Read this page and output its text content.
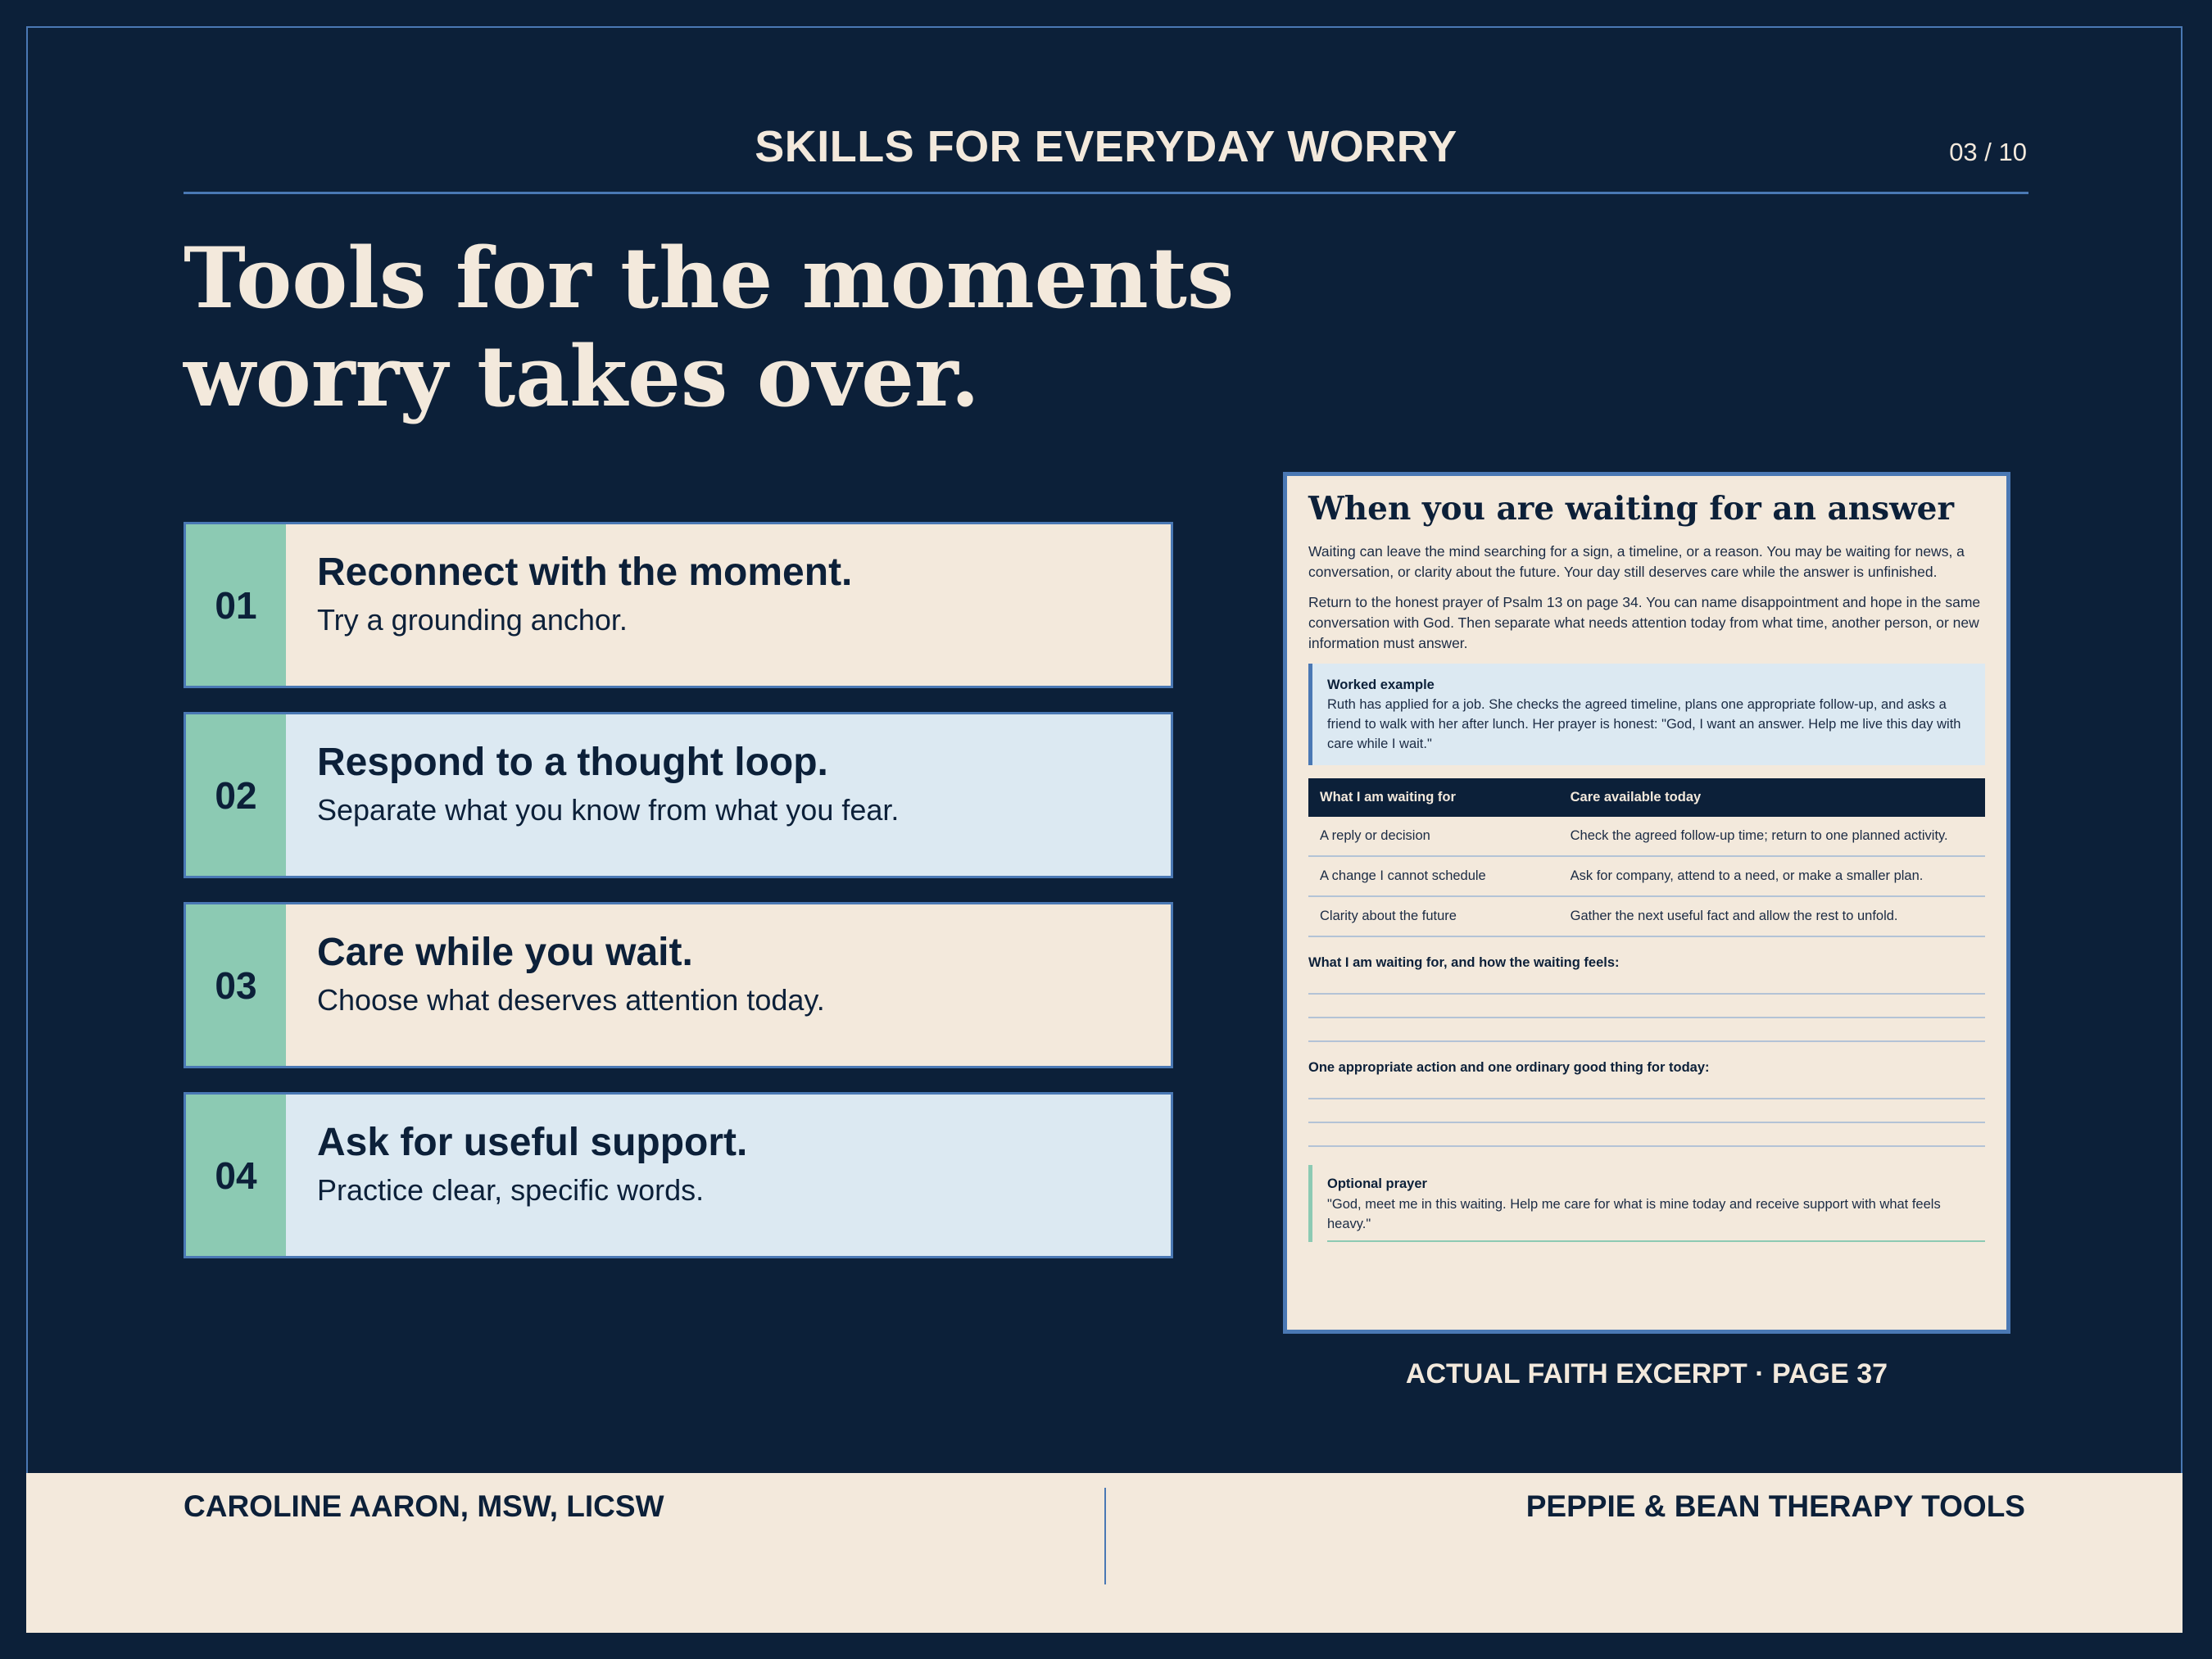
SKILLS FOR EVERYDAY WORRY	03 / 10
Tools for the moments
worry takes over.
01
Reconnect with the moment.
Try a grounding anchor.
02
Respond to a thought loop.
Separate what you know from what you fear.
03
Care while you wait.
Choose what deserves attention today.
04
Ask for useful support.
Practice clear, specific words.
When you are waiting for an answer

Waiting can leave the mind searching for a sign, a timeline, or a reason. You may be waiting for news, a conversation, or clarity about the future. Your day still deserves care while the answer is unfinished.

Return to the honest prayer of Psalm 13 on page 34. You can name disappointment and hope in the same conversation with God. Then separate what needs attention today from what time, another person, or new information must answer.

Worked example
Ruth has applied for a job. She checks the agreed timeline, plans one appropriate follow-up, and asks a friend to walk with her after lunch. Her prayer is honest: "God, I want an answer. Help me live this day with care while I wait."
What I am waiting for	Care available today
A reply or decision	Check the agreed follow-up time; return to one planned activity.
A change I cannot schedule	Ask for company, attend to a need, or make a smaller plan.
Clarity about the future	Gather the next useful fact and allow the rest to unfold.
What I am waiting for, and how the waiting feels:
One appropriate action and one ordinary good thing for today:
Optional prayer
"God, meet me in this waiting. Help me care for what is mine today and receive support with what feels heavy."
ACTUAL FAITH EXCERPT · PAGE 37
CAROLINE AARON, MSW, LICSW	PEPPIE & BEAN THERAPY TOOLS
